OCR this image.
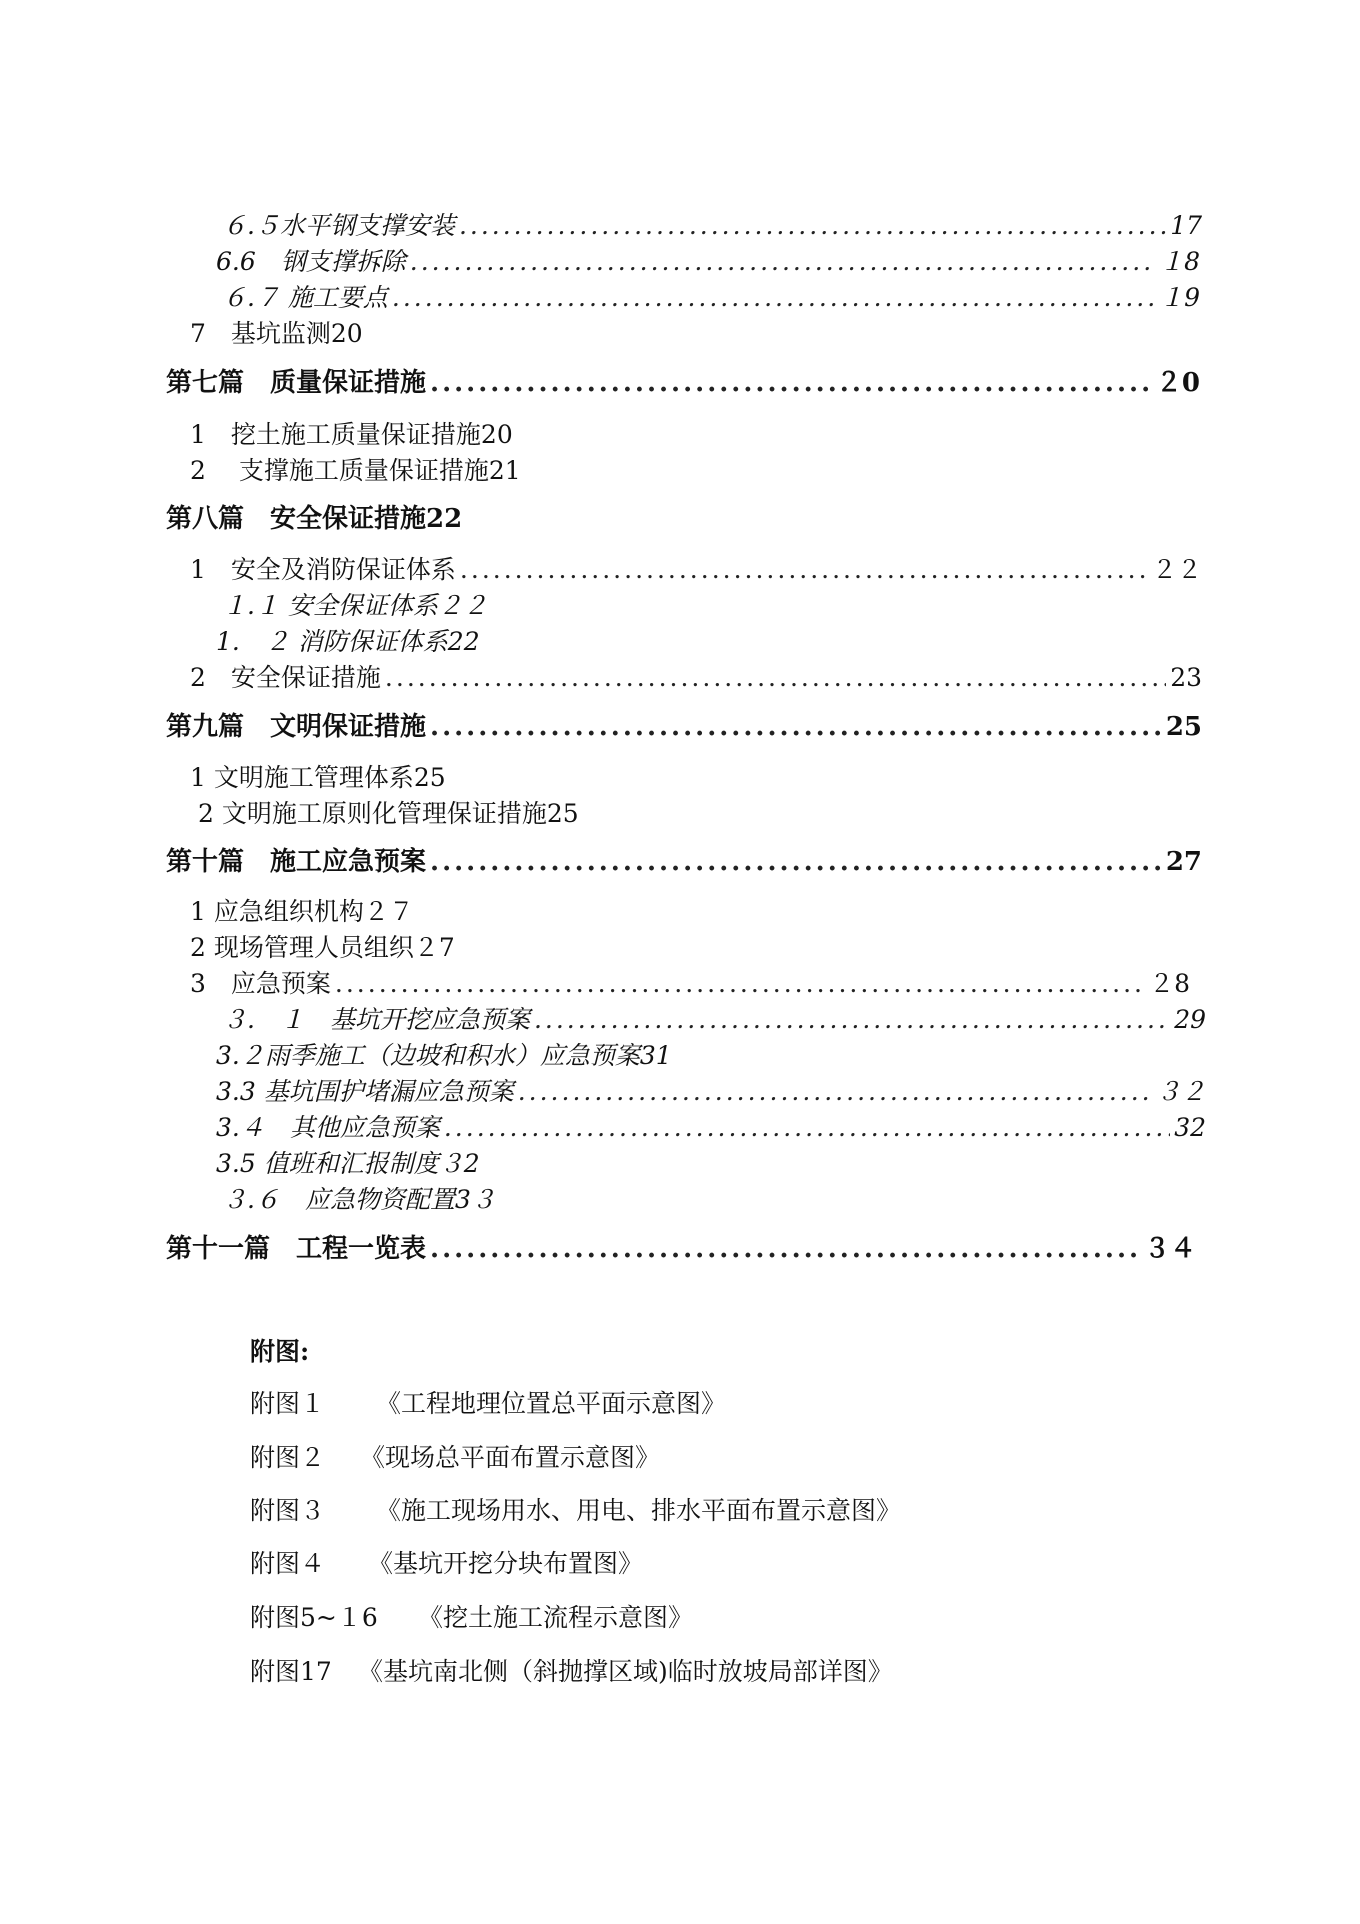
６.５水平钢支撑安装 .....	17
6.6　钢支撑拆除 .....	１8
６.７ 施工要点 .....	１9
7　基坑监测20
第七篇　质量保证措施 .....	２0
1　挖土施工质量保证措施20
2　 支撑施工质量保证措施21
第八篇　安全保证措施22
1　安全及消防保证体系 .....	２２
１.１ 安全保证体系２２
1.　２ 消防保证体系22
2　安全保证措施 .....	23
第九篇　文明保证措施 .....	25
1 文明施工管理体系25
2 文明施工原则化管理保证措施25
第十篇　施工应急预案 .....	27
1 应急组织机构２７
2 现场管理人员组织２7
3　应急预案 .....	２8
３.　１　基坑开挖应急预案 .....	29
3.２雨季施工（边坡和积水）应急预案31
3.3 基坑围护堵漏应急预案 .....	３２
3.４　其他应急预案 .....	32
3.5 值班和汇报制度３2
３.６　应急物资配置3３
第十一篇　工程一览表 .....	３４
附图:
附图１	《工程地理位置总平面示意图》
附图２	《现场总平面布置示意图》
附图３	《施工现场用水、用电、排水平面布置示意图》
附图４	《基坑开挖分块布置图》
附图5~１6	《挖土施工流程示意图》
附图17	《基坑南北侧（斜抛撑区域)临时放坡局部详图》
